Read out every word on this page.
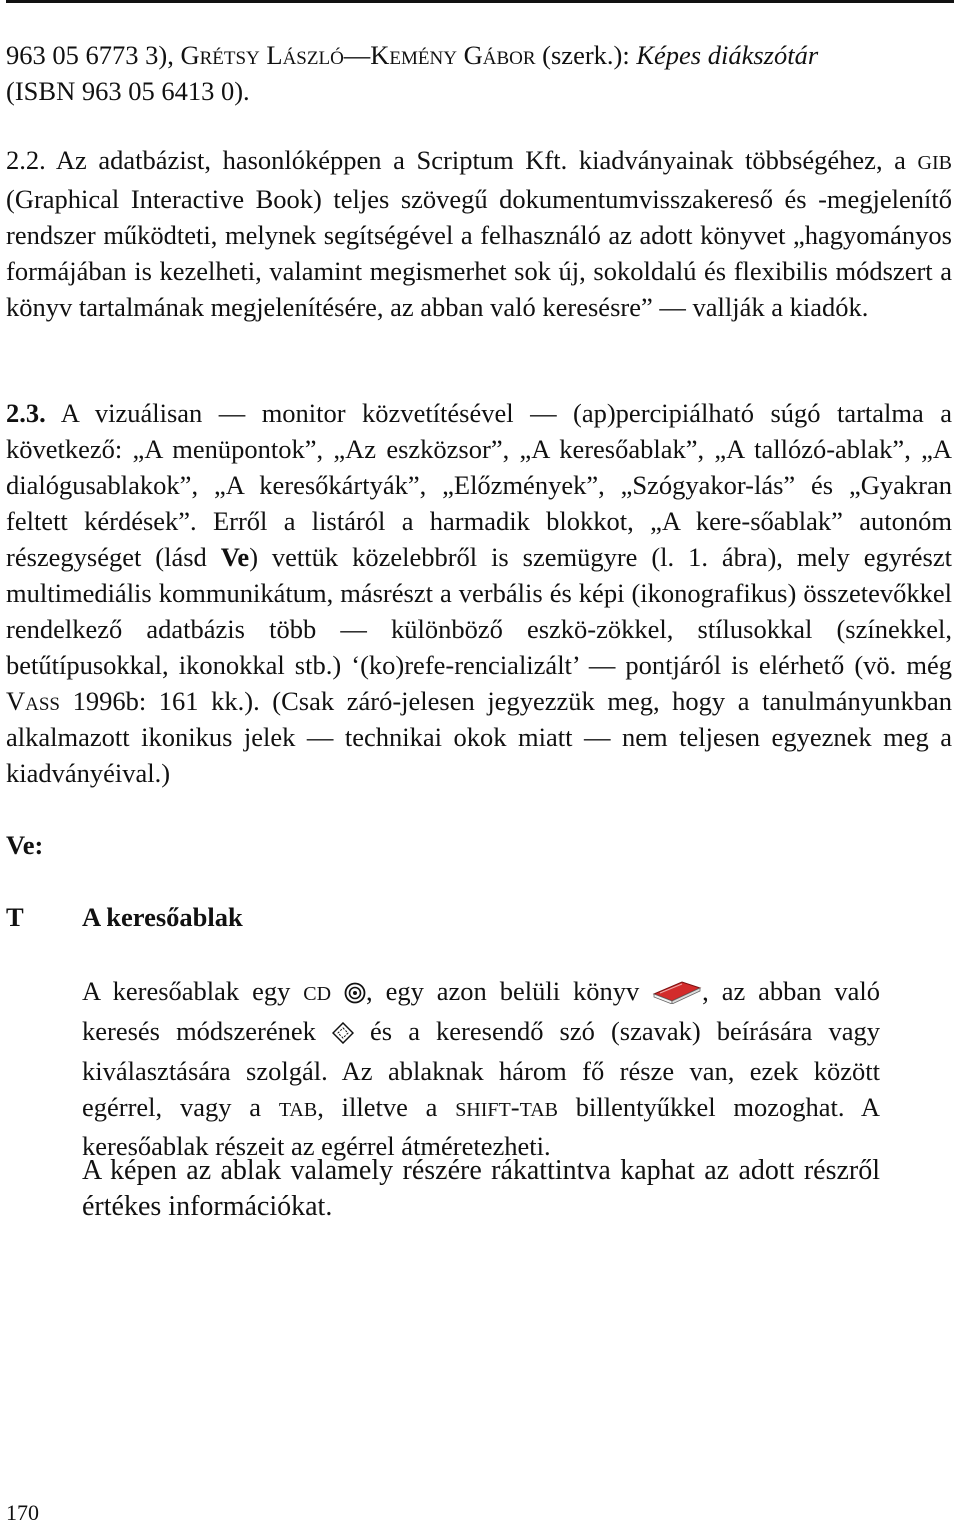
963 05 6773 3), Grétsy László—Kemény Gábor (szerk.): Képes diákszótár
(ISBN 963 05 6413 0).
2.2. Az adatbázist, hasonlóképpen a Scriptum Kft. kiadványainak többségéhez, a GIB (Graphical Interactive Book) teljes szövegű dokumentumvisszakereső és -megjelenítő rendszer működteti, melynek segítségével a felhasználó az adott könyvet „hagyományos formájában is kezelheti, valamint megismerhet sok új, sokoldalú és flexibilis módszert a könyv tartalmának megjelenítésére, az abban való keresésre” — vallják a kiadók.
2.3. A vizuálisan — monitor közvetítésével — (ap)percipiálható súgó tartalma a következő: „A menüpontok”, „Az eszközsor”, „A keresőablak”, „A tallózó-ablak”, „A dialógusablakok”, „A keresőkártyák”, „Előzmények”, „Szógyakor-lás” és „Gyakran feltett kérdések”. Erről a listáról a harmadik blokkot, „A kere-sőablak” autonóm részegységet (lásd Ve) vettük közelebbről is szemügyre (l. 1. ábra), mely egyrészt multimediális kommunikátum, másrészt a verbális és képi (ikonografikus) összetevőkkel rendelkező adatbázis több — különböző eszkö-zökkel, stílusokkal (színekkel, betűtípusokkal, ikonokkal stb.) ‘(ko)refe-rencializált’ — pontjáról is elérhető (vö. még Vass 1996b: 161 kk.). (Csak záró-jelesen jegyezzük meg, hogy a tanulmányunkban alkalmazott ikonikus jelek — technikai okok miatt — nem teljesen egyeznek meg a kiadványéival.)
Ve:
T A keresőablak
A keresőablak egy CD , egy azon belüli könyv , az abban való keresés módszerének  és a keresendő szó (szavak) beírására vagy kiválasztására szolgál. Az ablaknak három fő része van, ezek között egérrel, vagy a TAB, illetve a SHIFT-TAB billentyűkkel mozoghat. A keresőablak részeit az egérrel átméretezheti.
A képen az ablak valamely részére rákattintva kaphat az adott részről értékes információkat.
170
